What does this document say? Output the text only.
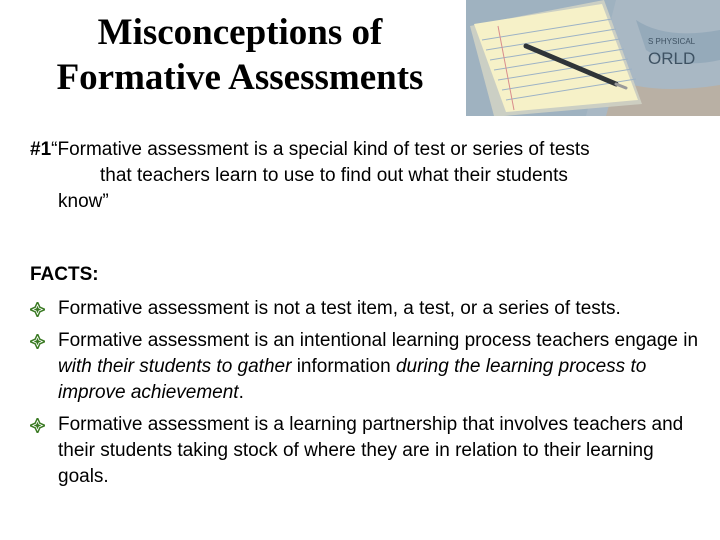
Misconceptions of
Formative Assessments
S PHYSICAL
ORLD

#1“Formative assessment is a special kind of test or series of tests
that teachers learn to use to find out what their students
know”

FACTS:

Formative assessment is not a test item, a test, or a series of tests.
Formative assessment is an intentional learning process teachers engage in with their students to gather information during the learning process to improve achievement.
Formative assessment is a learning partnership that involves teachers and their students taking stock of where they are in relation to their learning goals.
